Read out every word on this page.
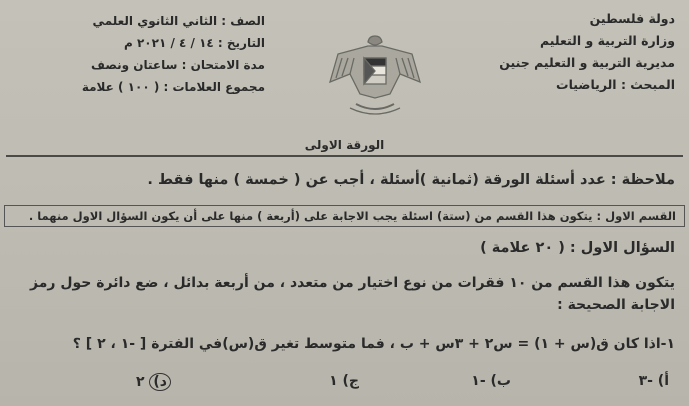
دولة فلسطين
وزارة التربية و التعليم
مديرية التربية و التعليم جنين
المبحث : الرياضيات
الصف : الثاني الثانوي العلمي
التاريخ : ١٤ / ٤ / ٢٠٢١ م
مدة الامتحان : ساعتان ونصف
مجموع العلامات : ( ١٠٠ ) علامة
الورقة الاولى
ملاحظة : عدد أسئلة الورقة (ثمانية )أسئلة ، أجب عن ( خمسة ) منها فقط .
القسم الاول : يتكون هذا القسم من (ستة) اسئلة يجب الاجابة على (أربعة ) منها على أن يكون السؤال الاول منهما .
السؤال الاول : ( ٢٠ علامة )
يتكون هذا القسم من ١٠ فقرات من نوع اختيار من متعدد ، من أربعة بدائل ، ضع دائرة حول رمز الاجابة الصحيحة :
١-اذا كان ق(س + ١) = س٢ + ٣س + ب ، فما متوسط تغير ق(س)في الفترة [ -١ ، ٢ ] ؟
أ) -٣
ب) -١
ج) ١
د) ٢
